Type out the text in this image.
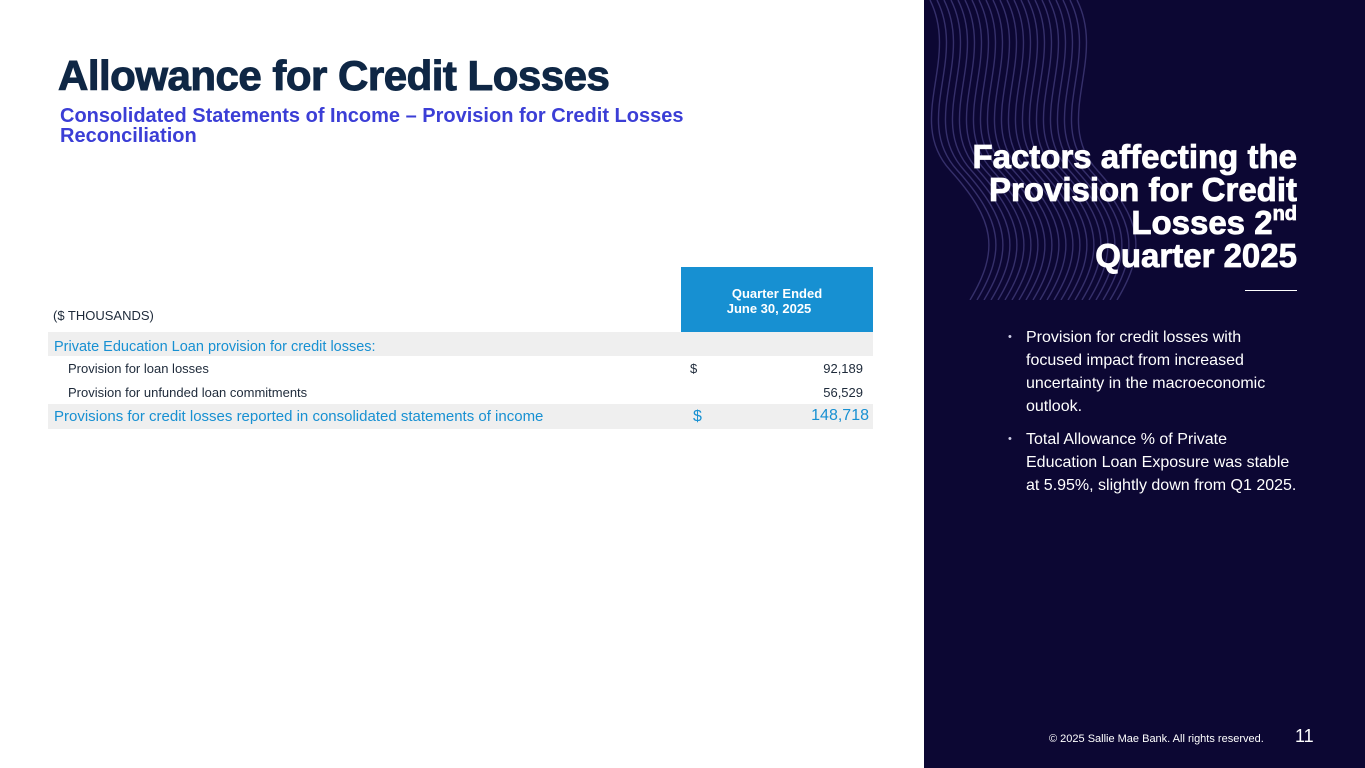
Allowance for Credit Losses
Consolidated Statements of Income – Provision for Credit Losses Reconciliation
($ THOUSANDS)
Quarter Ended
June 30, 2025
Private Education Loan provision for credit losses:
Provision for loan losses	$	92,189
Provision for unfunded loan commitments	56,529
Provisions for credit losses reported in consolidated statements of income	$	148,718
Factors affecting the Provision for Credit Losses 2nd
Quarter 2025
• Provision for credit losses with focused impact from increased uncertainty in the macroeconomic outlook.
• Total Allowance % of Private Education Loan Exposure was stable at 5.95%, slightly down from Q1 2025.
© 2025 Sallie Mae Bank. All rights reserved. 11
